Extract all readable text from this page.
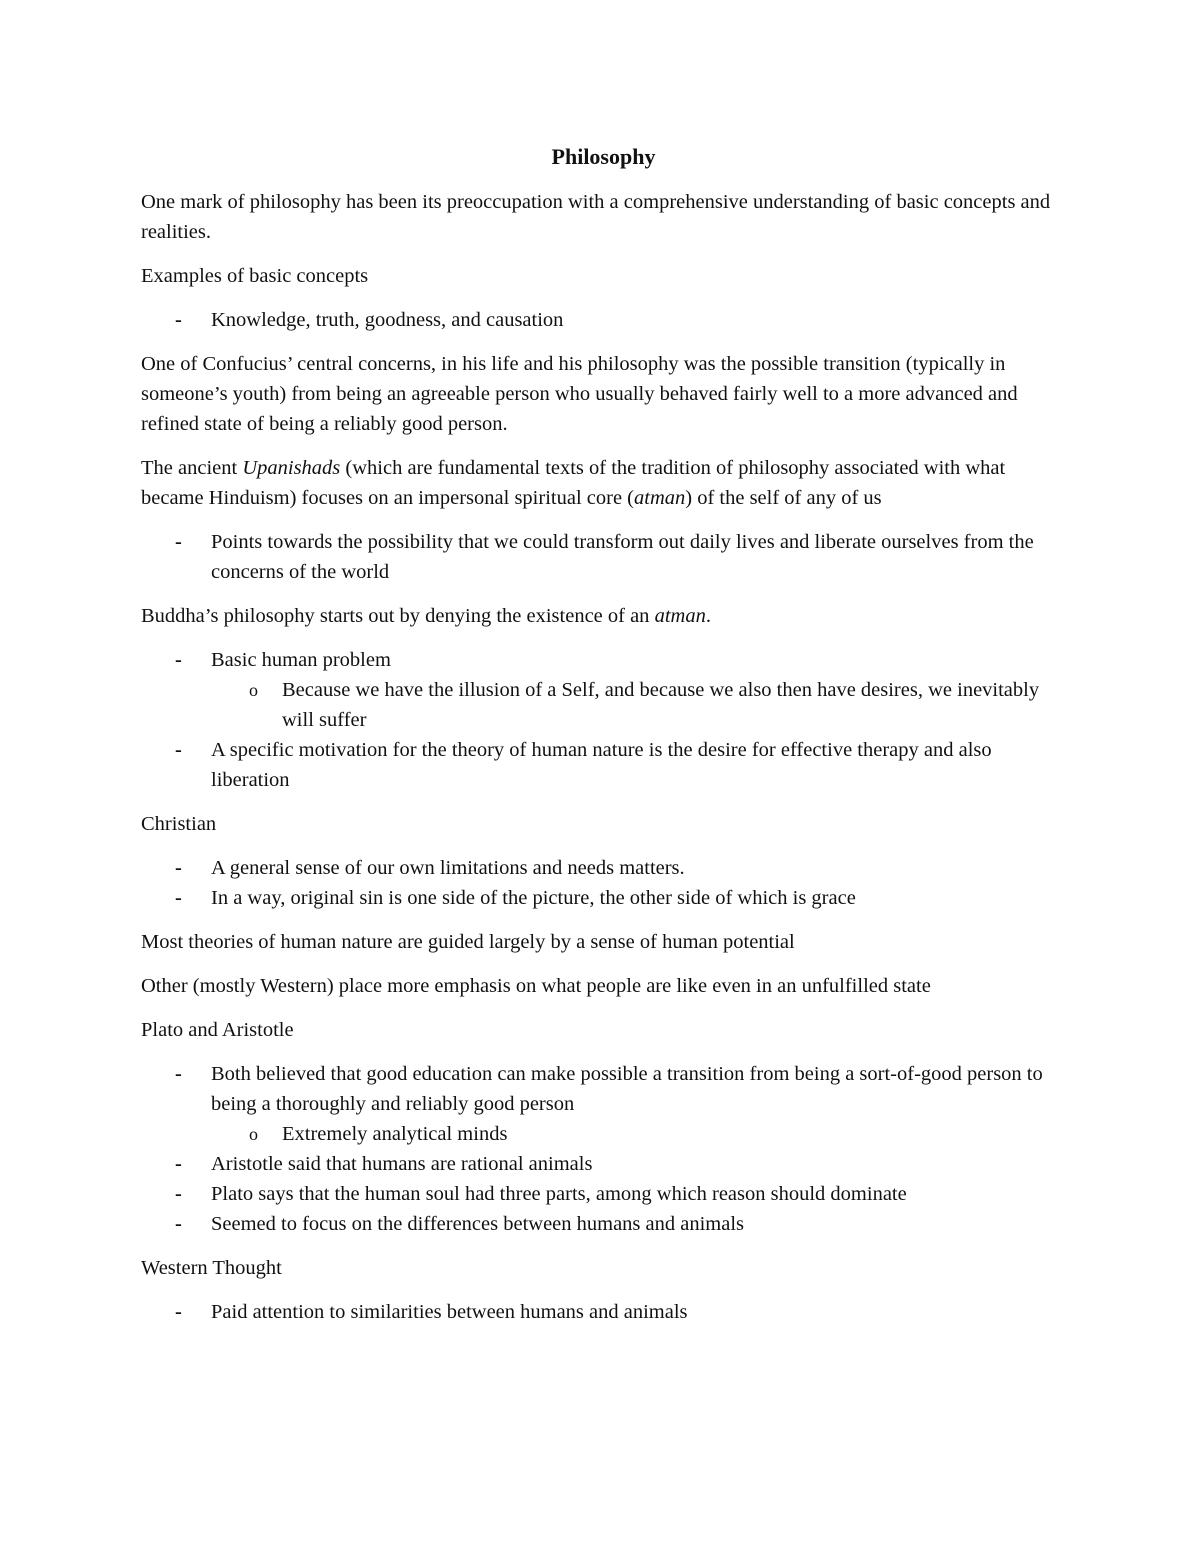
Philosophy

One mark of philosophy has been its preoccupation with a comprehensive understanding of basic concepts and realities.

Examples of basic concepts

- Knowledge, truth, goodness, and causation

One of Confucius’ central concerns, in his life and his philosophy was the possible transition (typically in someone’s youth) from being an agreeable person who usually behaved fairly well to a more advanced and refined state of being a reliably good person.

The ancient Upanishads (which are fundamental texts of the tradition of philosophy associated with what became Hinduism) focuses on an impersonal spiritual core (atman) of the self of any of us

- Points towards the possibility that we could transform out daily lives and liberate ourselves from the concerns of the world

Buddha’s philosophy starts out by denying the existence of an atman.

- Basic human problem
o Because we have the illusion of a Self, and because we also then have desires, we inevitably will suffer
- A specific motivation for the theory of human nature is the desire for effective therapy and also liberation

Christian

- A general sense of our own limitations and needs matters.
- In a way, original sin is one side of the picture, the other side of which is grace

Most theories of human nature are guided largely by a sense of human potential

Other (mostly Western) place more emphasis on what people are like even in an unfulfilled state

Plato and Aristotle

- Both believed that good education can make possible a transition from being a sort-of-good person to being a thoroughly and reliably good person
o Extremely analytical minds
- Aristotle said that humans are rational animals
- Plato says that the human soul had three parts, among which reason should dominate
- Seemed to focus on the differences between humans and animals

Western Thought

- Paid attention to similarities between humans and animals
